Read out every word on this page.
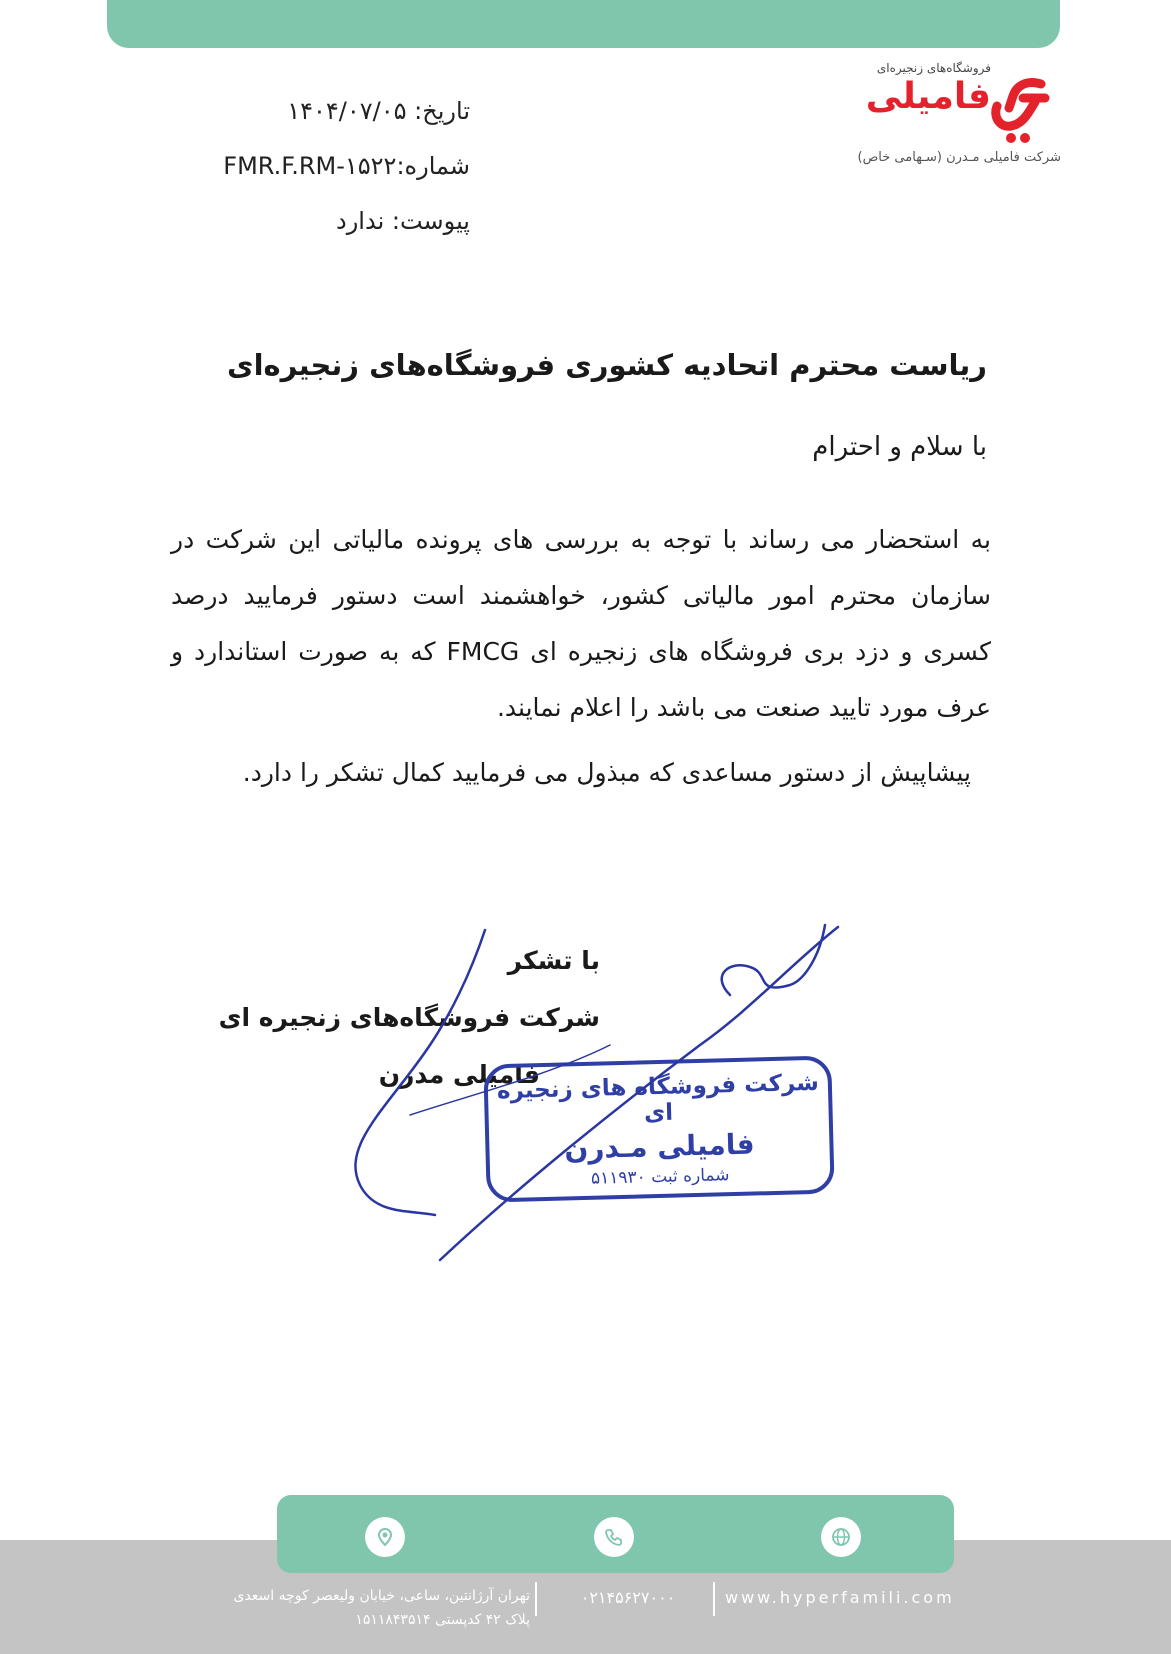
فروشگاه‌های زنجیره‌ای
فامیلی
شرکت فامیلی مـدرن (سـهامی خاص)
تاریخ: ۱۴۰۴/۰۷/۰۵
شماره:FMR.F.RM-۱۵۲۲
پیوست: ندارد
ریاست محترم اتحادیه کشوری فروشگاه‌های زنجیره‌ای
با سلام و احترام
به استحضار می رساند با توجه به بررسی های پرونده مالیاتی این شرکت در سازمان محترم امور مالیاتی کشور، خواهشمند است دستور فرمایید درصد کسری و دزد بری فروشگاه های زنجیره ای FMCG که به صورت استاندارد و عرف مورد تایید صنعت می باشد را اعلام نمایند.
پیشاپیش از دستور مساعدی که مبذول می فرمایید کمال تشکر را دارد.
با تشکر
شرکت فروشگاه‌های زنجیره ای
فامیلی مدرن
شرکت فروشگاه های زنجیره ای
فامیلی مـدرن
شماره ثبت ۵۱۱۹۳۰
www.hyperfamili.com
۰۲۱۴۵۶۲۷۰۰۰
تهران آرژانتین، ساعی، خیابان ولیعصر کوچه اسعدی
پلاک ۴۲ کدپستی ۱۵۱۱۸۴۳۵۱۴
